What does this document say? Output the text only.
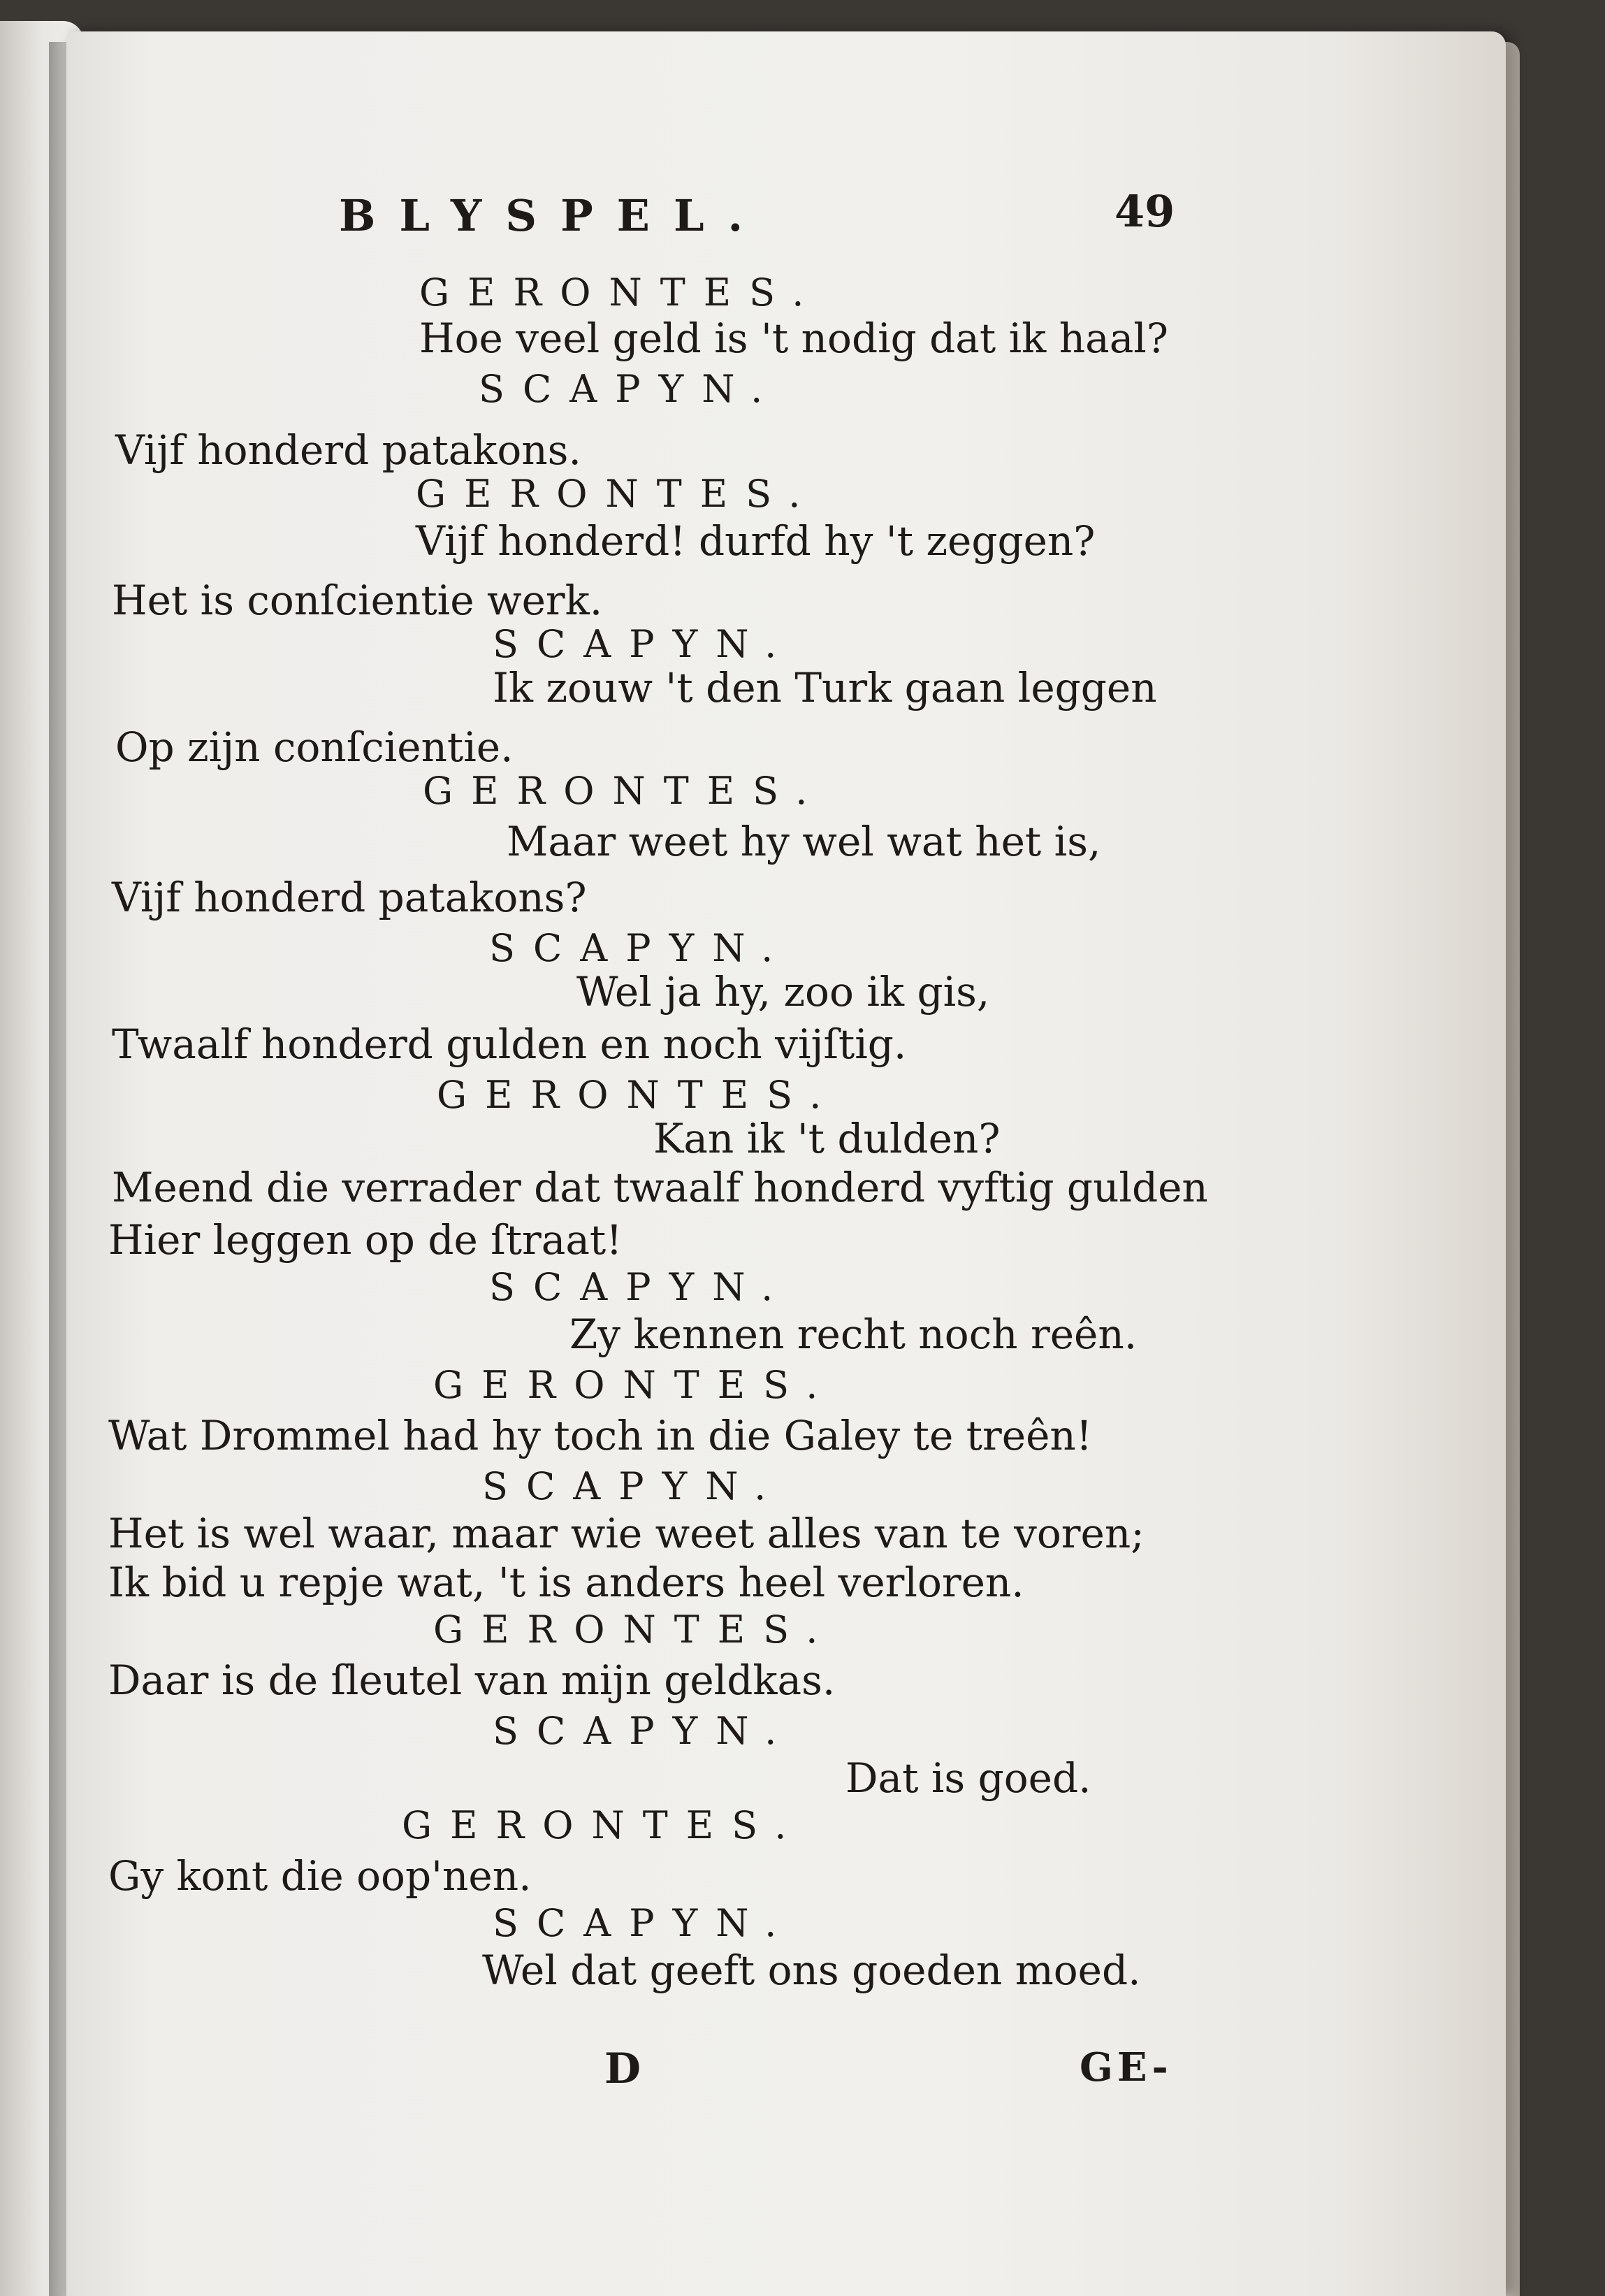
BLYSPEL.	49
GERONTES.
Hoe veel geld is 't nodig dat ik haal?
SCAPYN.
Vijf honderd patakons.
GERONTES.
Vijf honderd! durfd hy 't zeggen?
Het is conſcientie werk.
SCAPYN.
Ik zouw 't den Turk gaan leggen
Op zijn conſcientie.
GERONTES.
Maar weet hy wel wat het is,
Vijf honderd patakons?
SCAPYN.
Wel ja hy, zoo ik gis,
Twaalf honderd gulden en noch vijſtig.
GERONTES.
Kan ik 't dulden?
Meend die verrader dat twaalf honderd vyftig gulden
Hier leggen op de ſtraat!
SCAPYN.
Zy kennen recht noch reên.
GERONTES.
Wat Drommel had hy toch in die Galey te treên!
SCAPYN.
Het is wel waar, maar wie weet alles van te voren;
Ik bid u repje wat, 't is anders heel verloren.
GERONTES.
Daar is de ſleutel van mijn geldkas.
SCAPYN.
Dat is goed.
GERONTES.
Gy kont die oop'nen.
SCAPYN.
Wel dat geeft ons goeden moed.
D	GE-
